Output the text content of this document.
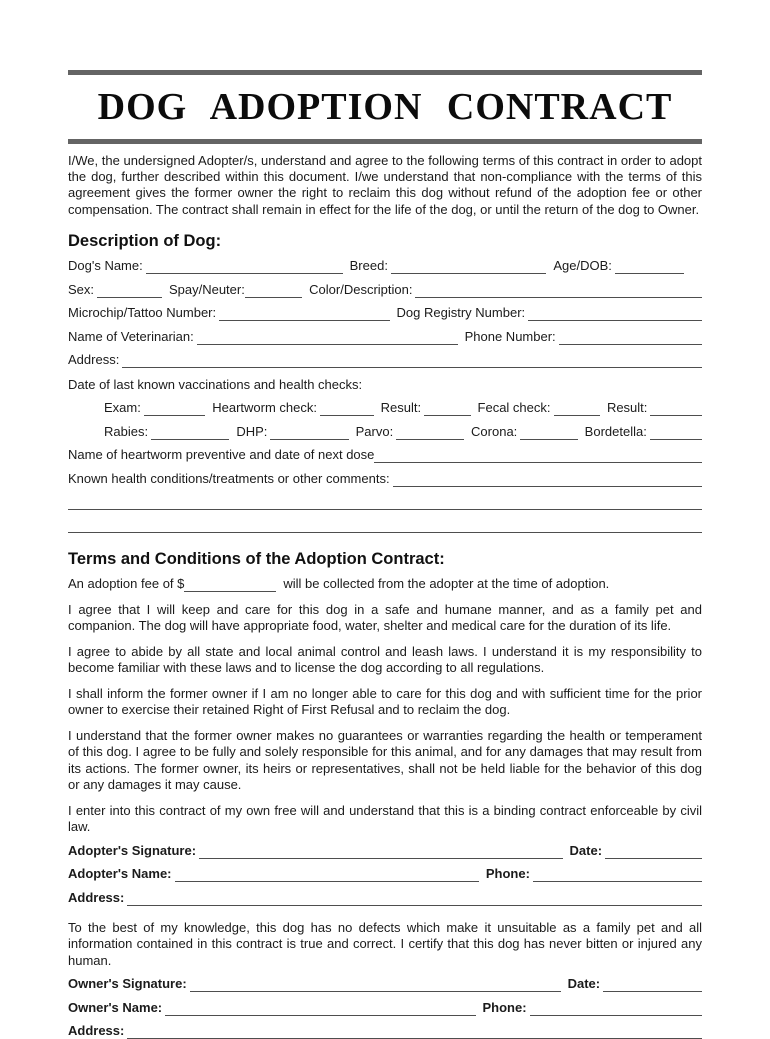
DOG ADOPTION CONTRACT

I/We, the undersigned Adopter/s, understand and agree to the following terms of this contract in order to adopt the dog, further described within this document. I/we understand that non-compliance with the terms of this agreement gives the former owner the right to reclaim this dog without refund of the adoption fee or other compensation. The contract shall remain in effect for the life of the dog, or until the return of the dog to Owner.

Description of Dog:
Dog's Name:	Breed:	Age/DOB:
Sex:	Spay/Neuter:	Color/Description:
Microchip/Tattoo Number:	Dog Registry Number:
Name of Veterinarian:	Phone Number:
Address:

Date of last known vaccinations and health checks:

Exam:	Heartworm check:	Result:	Fecal check:	Result:
Rabies:	DHP:	Parvo:	Corona:	Bordetella:
Name of heartworm preventive and date of next dose
Known health conditions/treatments or other comments:
Terms and Conditions of the Adoption Contract:
An adoption fee of $	will be collected from the adopter at the time of adoption.

I agree that I will keep and care for this dog in a safe and humane manner, and as a family pet and companion. The dog will have appropriate food, water, shelter and medical care for the duration of its life.

I agree to abide by all state and local animal control and leash laws. I understand it is my responsibility to become familiar with these laws and to license the dog according to all regulations.

I shall inform the former owner if I am no longer able to care for this dog and with sufficient time for the prior owner to exercise their retained Right of First Refusal and to reclaim the dog.

I understand that the former owner makes no guarantees or warranties regarding the health or temperament of this dog. I agree to be fully and solely responsible for this animal, and for any damages that may result from its actions. The former owner, its heirs or representatives, shall not be held liable for the behavior of this dog or any damages it may cause.

I enter into this contract of my own free will and understand that this is a binding contract enforceable by civil law.

Adopter's Signature:	Date:
Adopter's Name:	Phone:
Address:

To the best of my knowledge, this dog has no defects which make it unsuitable as a family pet and all information contained in this contract is true and correct. I certify that this dog has never bitten or injured any human.

Owner's Signature:	Date:
Owner's Name:	Phone:
Address:
